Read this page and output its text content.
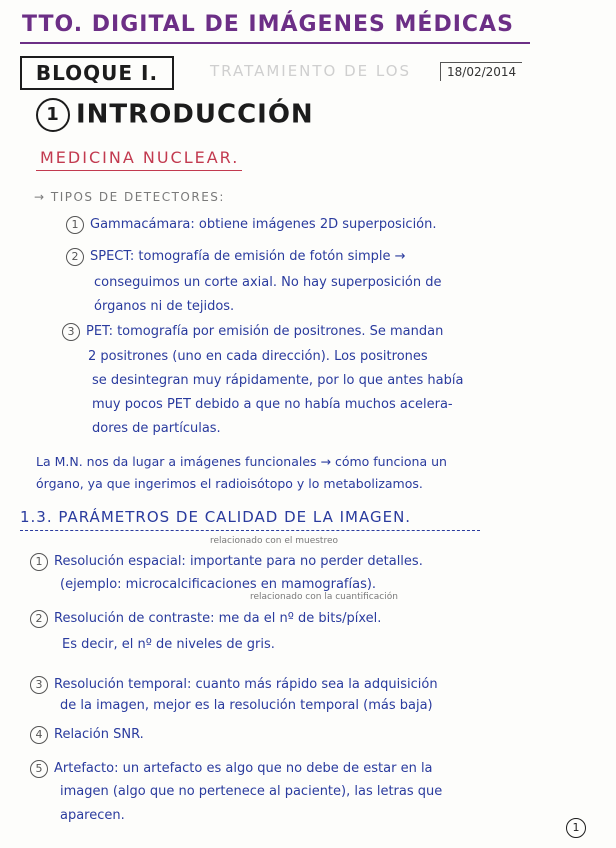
TTO. DIGITAL DE IMÁGENES MÉDICAS
BLOQUE I.	TRATAMIENTO DE LOS	18/02/2014
1 INTRODUCCIÓN
MEDICINA NUCLEAR.
→ TIPOS DE DETECTORES:
1 Gammacámara: obtiene imágenes 2D superposición.
2 SPECT: tomografía de emisión de fotón simple →
conseguimos un corte axial. No hay superposición de
órganos ni de tejidos.
3 PET: tomografía por emisión de positrones. Se mandan
2 positrones (uno en cada dirección). Los positrones
se desintegran muy rápidamente, por lo que antes había
muy pocos PET debido a que no había muchos acelera-
dores de partículas.
La M.N. nos da lugar a imágenes funcionales → cómo funciona un
órgano, ya que ingerimos el radioisótopo y lo metabolizamos.
1.3. PARÁMETROS DE CALIDAD DE LA IMAGEN.
relacionado con el muestreo
1 Resolución espacial: importante para no perder detalles.
(ejemplo: microcalcificaciones en mamografías).
relacionado con la cuantificación
2 Resolución de contraste: me da el nº de bits/píxel.
Es decir, el nº de niveles de gris.
3 Resolución temporal: cuanto más rápido sea la adquisición
de la imagen, mejor es la resolución temporal (más baja)
4 Relación SNR.
5 Artefacto: un artefacto es algo que no debe de estar en la
imagen (algo que no pertenece al paciente), las letras que
aparecen.
1
